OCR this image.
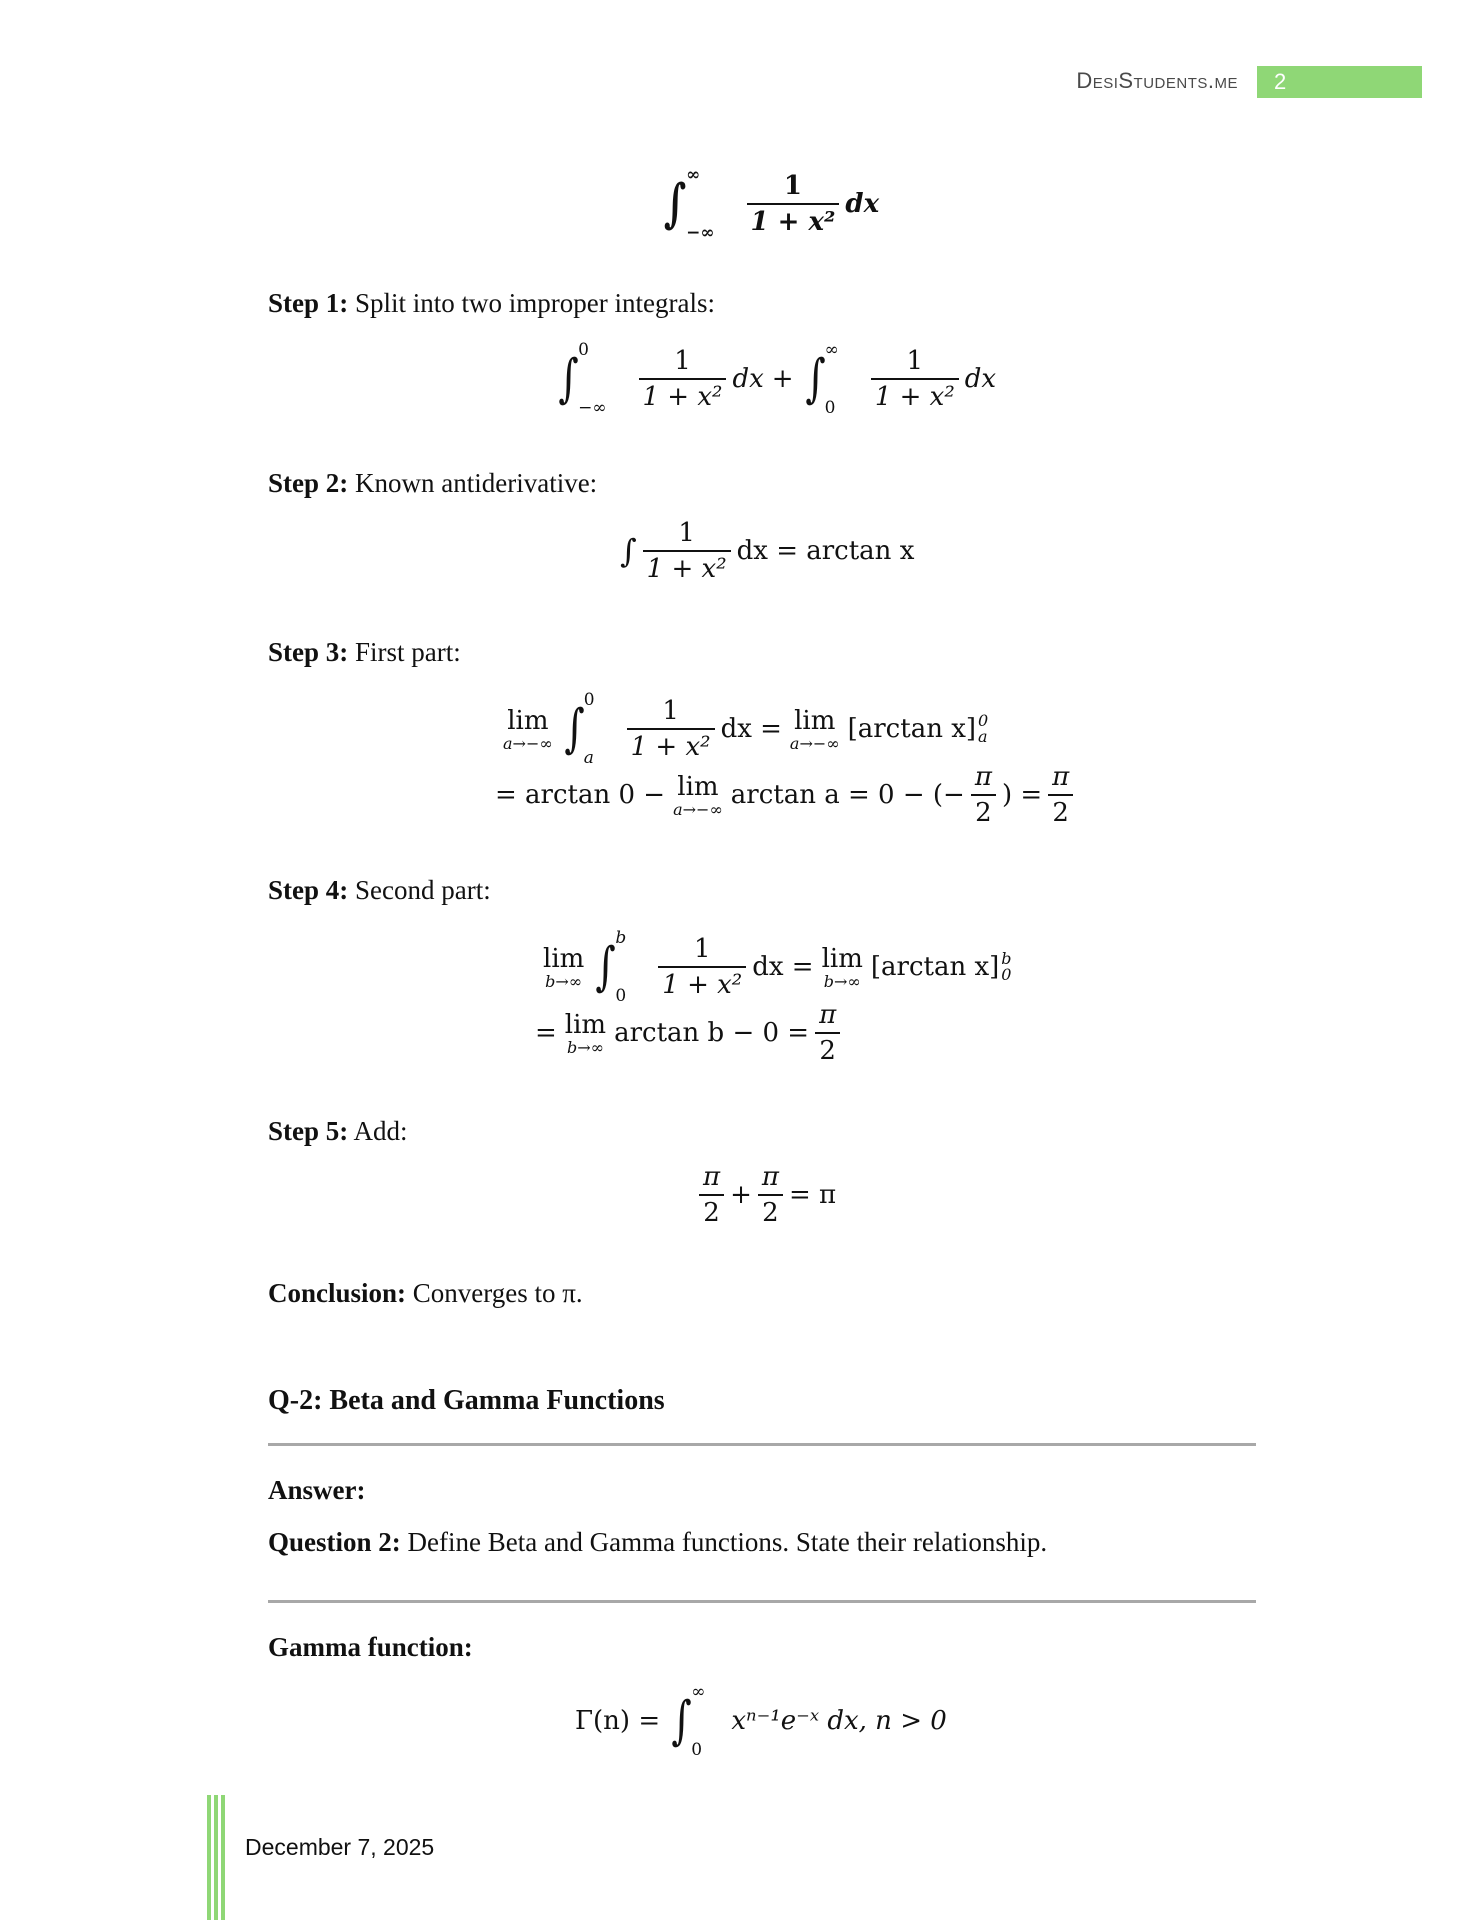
DesiStudents.me	2
∫ ∞
−∞ $\frac{1}{\text{1 + x²}}$ dx
Step 1: Split into two improper integrals:
∫ 0
−∞ $\frac{1}{\text{1 + x²}}$ dx + ∫ ∞
$0 \frac{1}{\text{1 + x²}}$ dx
Step 2: Known antiderivative:
∫ $\frac{1}{\text{1 + x²}}$ dx = arctan x
Step 3: First part:
lim
a→−∞ ∫ 0
a $\frac{1}{\text{1 + x²}}$ dx = lim
a→−∞ [arctan x] 0
a
= arctan 0 − lim
a→−∞ arctan a = 0 − (− $\frac{\pi}{2}$ ) = $\frac{\pi}{2}$
Step 4: Second part:
lim
b→∞ ∫ b
$0 \frac{1}{\text{1 + x²}}$ dx = lim
b→∞ [arctan x] b
0
= lim
b→∞ $\arctan b - 0 = \frac{\pi}{2}$
Step 5: Add:
$\frac{\pi}{2} + \frac{\pi}{2} = \pi$
Conclusion: Converges to π.
Q-2: Beta and Gamma Functions
Answer:
Question 2: Define Beta and Gamma functions. State their relationship.
Gamma function:
Γ(n) = ∫ ∞
0
xⁿ⁻¹e⁻ˣ dx, n > 0
December 7, 2025
